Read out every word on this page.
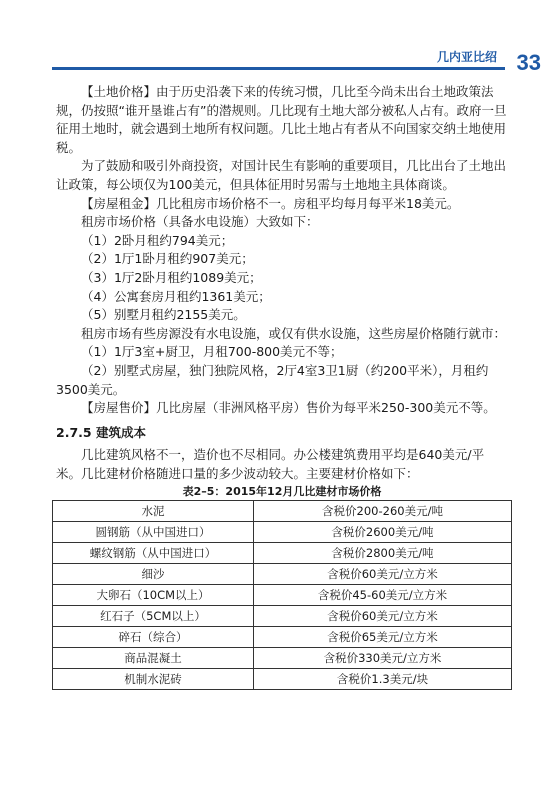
几内亚比绍 33

【土地价格】由于历史沿袭下来的传统习惯，几比至今尚未出台土地政策法规，仍按照“谁开垦谁占有”的潜规则。几比现有土地大部分被私人占有。政府一旦征用土地时，就会遇到土地所有权问题。几比土地占有者从不向国家交纳土地使用税。

为了鼓励和吸引外商投资，对国计民生有影响的重要项目，几比出台了土地出让政策，每公顷仅为100美元，但具体征用时另需与土地地主具体商谈。

【房屋租金】几比租房市场价格不一。房租平均每月每平米18美元。

租房市场价格（具备水电设施）大致如下：

（1）2卧月租约794美元；

（2）1厅1卧月租约907美元；

（3）1厅2卧月租约1089美元；

（4）公寓套房月租约1361美元；

（5）别墅月租约2155美元。

租房市场有些房源没有水电设施，或仅有供水设施，这些房屋价格随行就市：

（1）1厅3室+厨卫，月租700-800美元不等；

（2）别墅式房屋，独门独院风格，2厅4室3卫1厨（约200平米），月租约3500美元。

【房屋售价】几比房屋（非洲风格平房）售价为每平米250-300美元不等。

2.7.5 建筑成本

几比建筑风格不一，造价也不尽相同。办公楼建筑费用平均是640美元/平米。几比建材价格随进口量的多少波动较大。主要建材价格如下：

表2–5：2015年12月几比建材市场价格

水泥	含税价200-260美元/吨
圆钢筋（从中国进口）	含税价2600美元/吨
螺纹钢筋（从中国进口）	含税价2800美元/吨
细沙	含税价60美元/立方米
大卵石（10CM以上）	含税价45-60美元/立方米
红石子（5CM以上）	含税价60美元/立方米
碎石（综合）	含税价65美元/立方米
商品混凝土	含税价330美元/立方米
机制水泥砖	含税价1.3美元/块
